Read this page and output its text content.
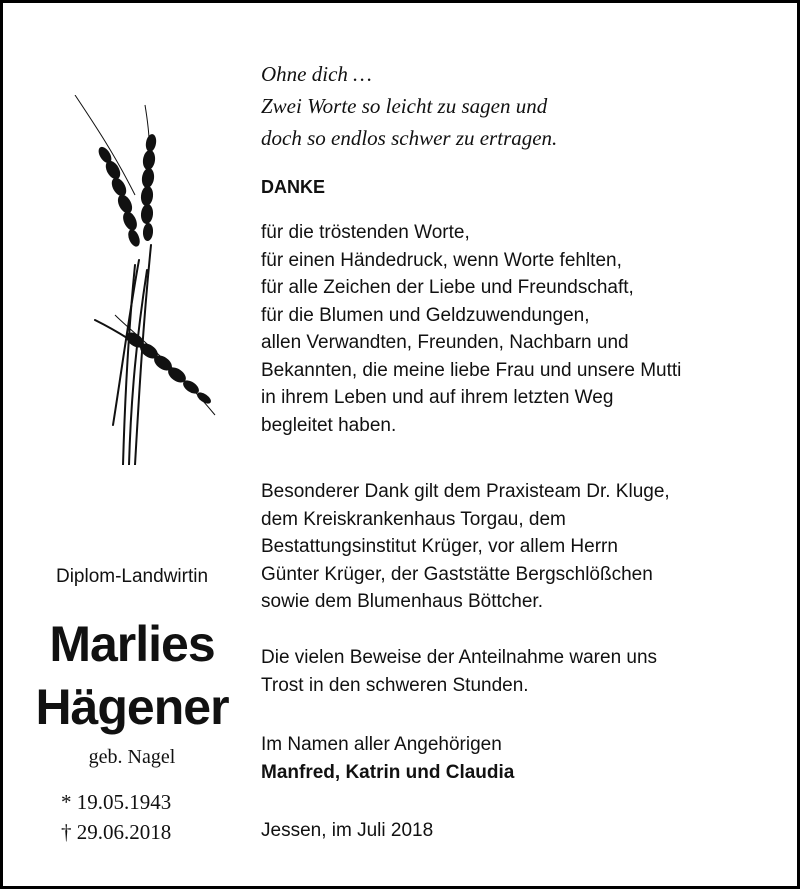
Diplom-Landwirtin
Marlies
Hägener
geb. Nagel
* 19.05.1943
† 29.06.2018
Ohne dich …
Zwei Worte so leicht zu sagen und
doch so endlos schwer zu ertragen.
DANKE
für die tröstenden Worte,
für einen Händedruck, wenn Worte fehlten,
für alle Zeichen der Liebe und Freundschaft,
für die Blumen und Geldzuwendungen,
allen Verwandten, Freunden, Nachbarn und
Bekannten, die meine liebe Frau und unsere Mutti
in ihrem Leben und auf ihrem letzten Weg
begleitet haben.
Besonderer Dank gilt dem Praxisteam Dr. Kluge,
dem Kreiskrankenhaus Torgau, dem
Bestattungsinstitut Krüger, vor allem Herrn
Günter Krüger, der Gaststätte Bergschlößchen
sowie dem Blumenhaus Böttcher.
Die vielen Beweise der Anteilnahme waren uns
Trost in den schweren Stunden.
Im Namen aller Angehörigen
Manfred, Katrin und Claudia
Jessen, im Juli 2018
